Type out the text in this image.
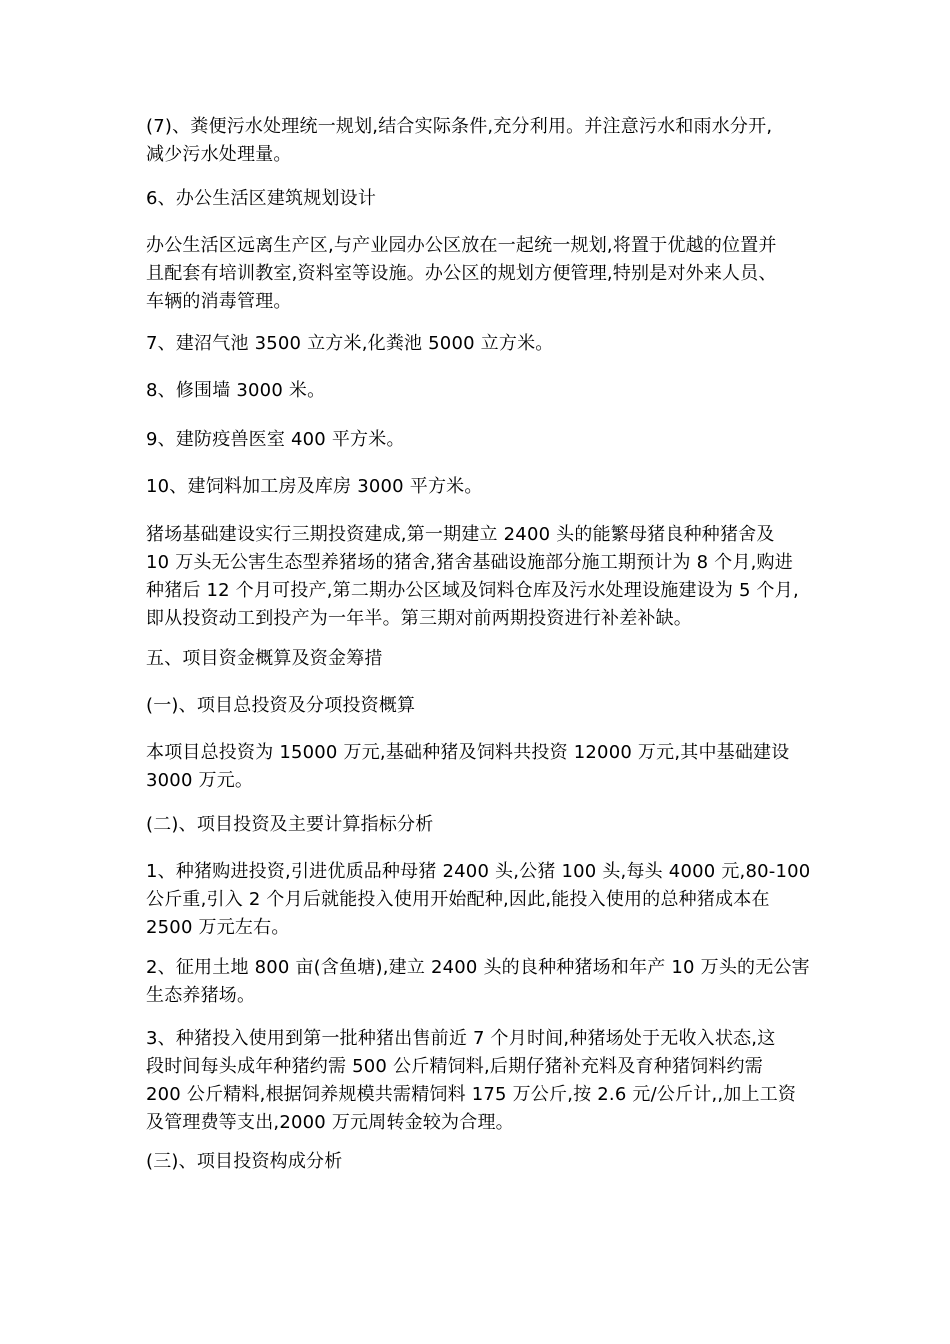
(7)、粪便污水处理统一规划,结合实际条件,充分利用。并注意污水和雨水分开,
减少污水处理量。

6、办公生活区建筑规划设计

办公生活区远离生产区,与产业园办公区放在一起统一规划,将置于优越的位置并
且配套有培训教室,资料室等设施。办公区的规划方便管理,特别是对外来人员、
车辆的消毒管理。

7、建沼气池 3500 立方米,化粪池 5000 立方米。

8、修围墙 3000 米。

9、建防疫兽医室 400 平方米。

10、建饲料加工房及库房 3000 平方米。

猪场基础建设实行三期投资建成,第一期建立 2400 头的能繁母猪良种种猪舍及
10 万头无公害生态型养猪场的猪舍,猪舍基础设施部分施工期预计为 8 个月,购进
种猪后 12 个月可投产,第二期办公区域及饲料仓库及污水处理设施建设为 5 个月,
即从投资动工到投产为一年半。第三期对前两期投资进行补差补缺。

五、项目资金概算及资金筹措

(一)、项目总投资及分项投资概算

本项目总投资为 15000 万元,基础种猪及饲料共投资 12000 万元,其中基础建设
3000 万元。

(二)、项目投资及主要计算指标分析

1、种猪购进投资,引进优质品种母猪 2400 头,公猪 100 头,每头 4000 元,80-100
公斤重,引入 2 个月后就能投入使用开始配种,因此,能投入使用的总种猪成本在
2500 万元左右。

2、征用土地 800 亩(含鱼塘),建立 2400 头的良种种猪场和年产 10 万头的无公害
生态养猪场。

3、种猪投入使用到第一批种猪出售前近 7 个月时间,种猪场处于无收入状态,这
段时间每头成年种猪约需 500 公斤精饲料,后期仔猪补充料及育种猪饲料约需
200 公斤精料,根据饲养规模共需精饲料 175 万公斤,按 2.6 元/公斤计,,加上工资
及管理费等支出,2000 万元周转金较为合理。

(三)、项目投资构成分析
